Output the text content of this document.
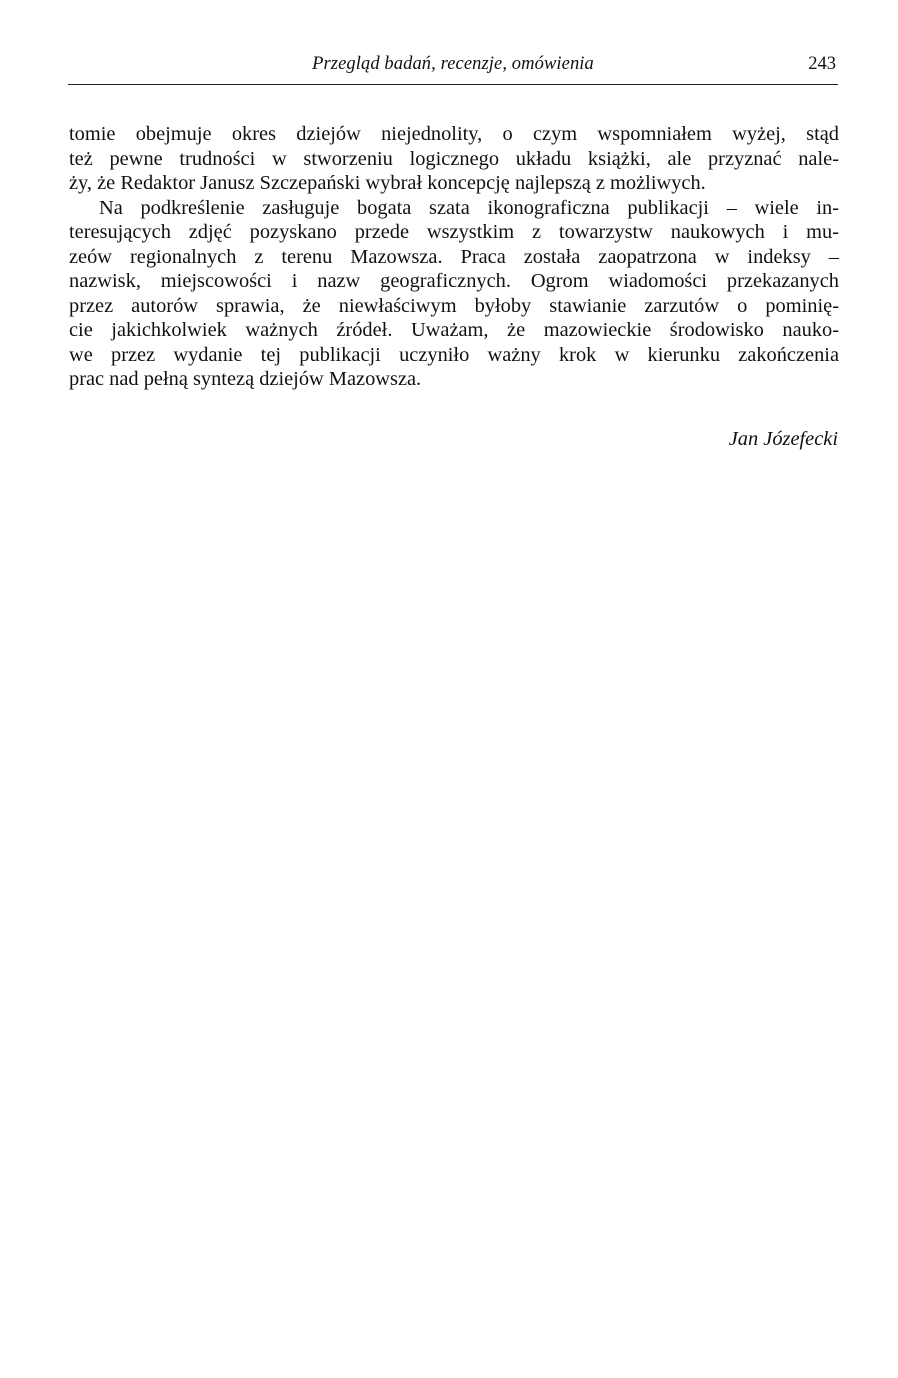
Przegląd badań, recenzje, omówienia	243
tomie obejmuje okres dziejów niejednolity, o czym wspomniałem wyżej, stąd
też pewne trudności w stworzeniu logicznego układu książki, ale przyznać nale-
ży, że Redaktor Janusz Szczepański wybrał koncepcję najlepszą z możliwych.
Na podkreślenie zasługuje bogata szata ikonograficzna publikacji – wiele in-
teresujących zdjęć pozyskano przede wszystkim z towarzystw naukowych i mu-
zeów regionalnych z terenu Mazowsza. Praca została zaopatrzona w indeksy –
nazwisk, miejscowości i nazw geograficznych. Ogrom wiadomości przekazanych
przez autorów sprawia, że niewłaściwym byłoby stawianie zarzutów o pominię-
cie jakichkolwiek ważnych źródeł. Uważam, że mazowieckie środowisko nauko-
we przez wydanie tej publikacji uczyniło ważny krok w kierunku zakończenia
prac nad pełną syntezą dziejów Mazowsza.
Jan Józefecki
